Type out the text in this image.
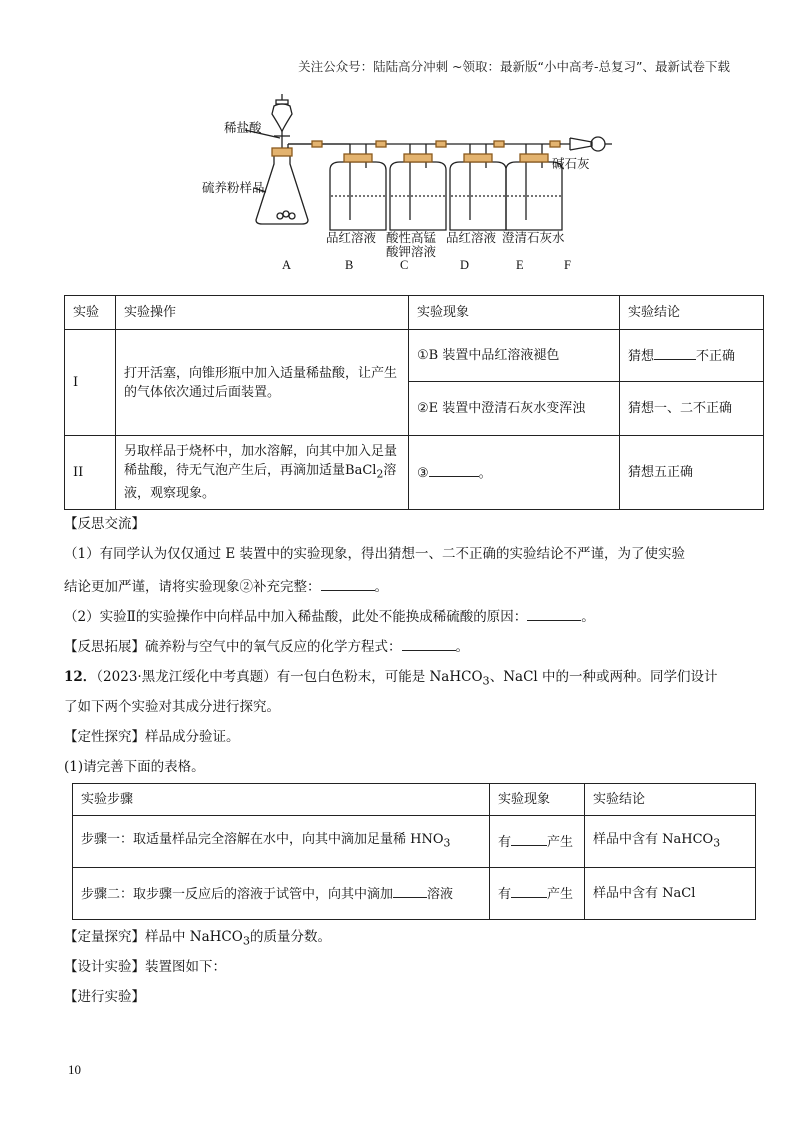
关注公众号：陆陆高分冲刺 ~领取：最新版“小中高考-总复习”、最新试卷下载
稀盐酸
硫养粉样品
碱石灰
品红溶液 酸性高锰
酸钾溶液
品红溶液 澄清石灰水
A	B	C	D	E	F
实验	实验操作	实验现象	实验结论
I	打开活塞，向锥形瓶中加入适量稀盐酸，让产生的气体依次通过后面装置。	①B 装置中品红溶液褪色	猜想 不正确
		②E 装置中澄清石灰水变浑浊	猜想一、二不正确
II	另取样品于烧杯中，加水溶解，向其中加入足量稀盐酸，待无气泡产生后，再滴加适量BaCl$_2$溶液，观察现象。	③ 。	猜想五正确
【反思交流】
（1）有同学认为仅仅通过 E 装置中的实验现象，得出猜想一、二不正确的实验结论不严谨，为了使实验
结论更加严谨，请将实验现象②补充完整：	。
（2）实验Ⅱ的实验操作中向样品中加入稀盐酸，此处不能换成稀硫酸的原因：	。
【反思拓展】硫养粉与空气中的氧气反应的化学方程式：	。
12．（2023·黑龙江绥化中考真题）有一包白色粉末，可能是 NaHCO$_3$、NaCl 中的一种或两种。同学们设计
了如下两个实验对其成分进行探究。
【定性探究】样品成分验证。
(1)请完善下面的表格。
实验步骤	实验现象	实验结论
步骤一：取适量样品完全溶解在水中，向其中滴加足量稀 $HNO_3$	有 产生	样品中含有 NaHCO$_3$
步骤二：取步骤一反应后的溶液于试管中，向其中滴加 溶液	有 产生	样品中含有 NaCl
【定量探究】样品中 NaHCO$_3$的质量分数。
【设计实验】装置图如下：
【进行实验】
10
